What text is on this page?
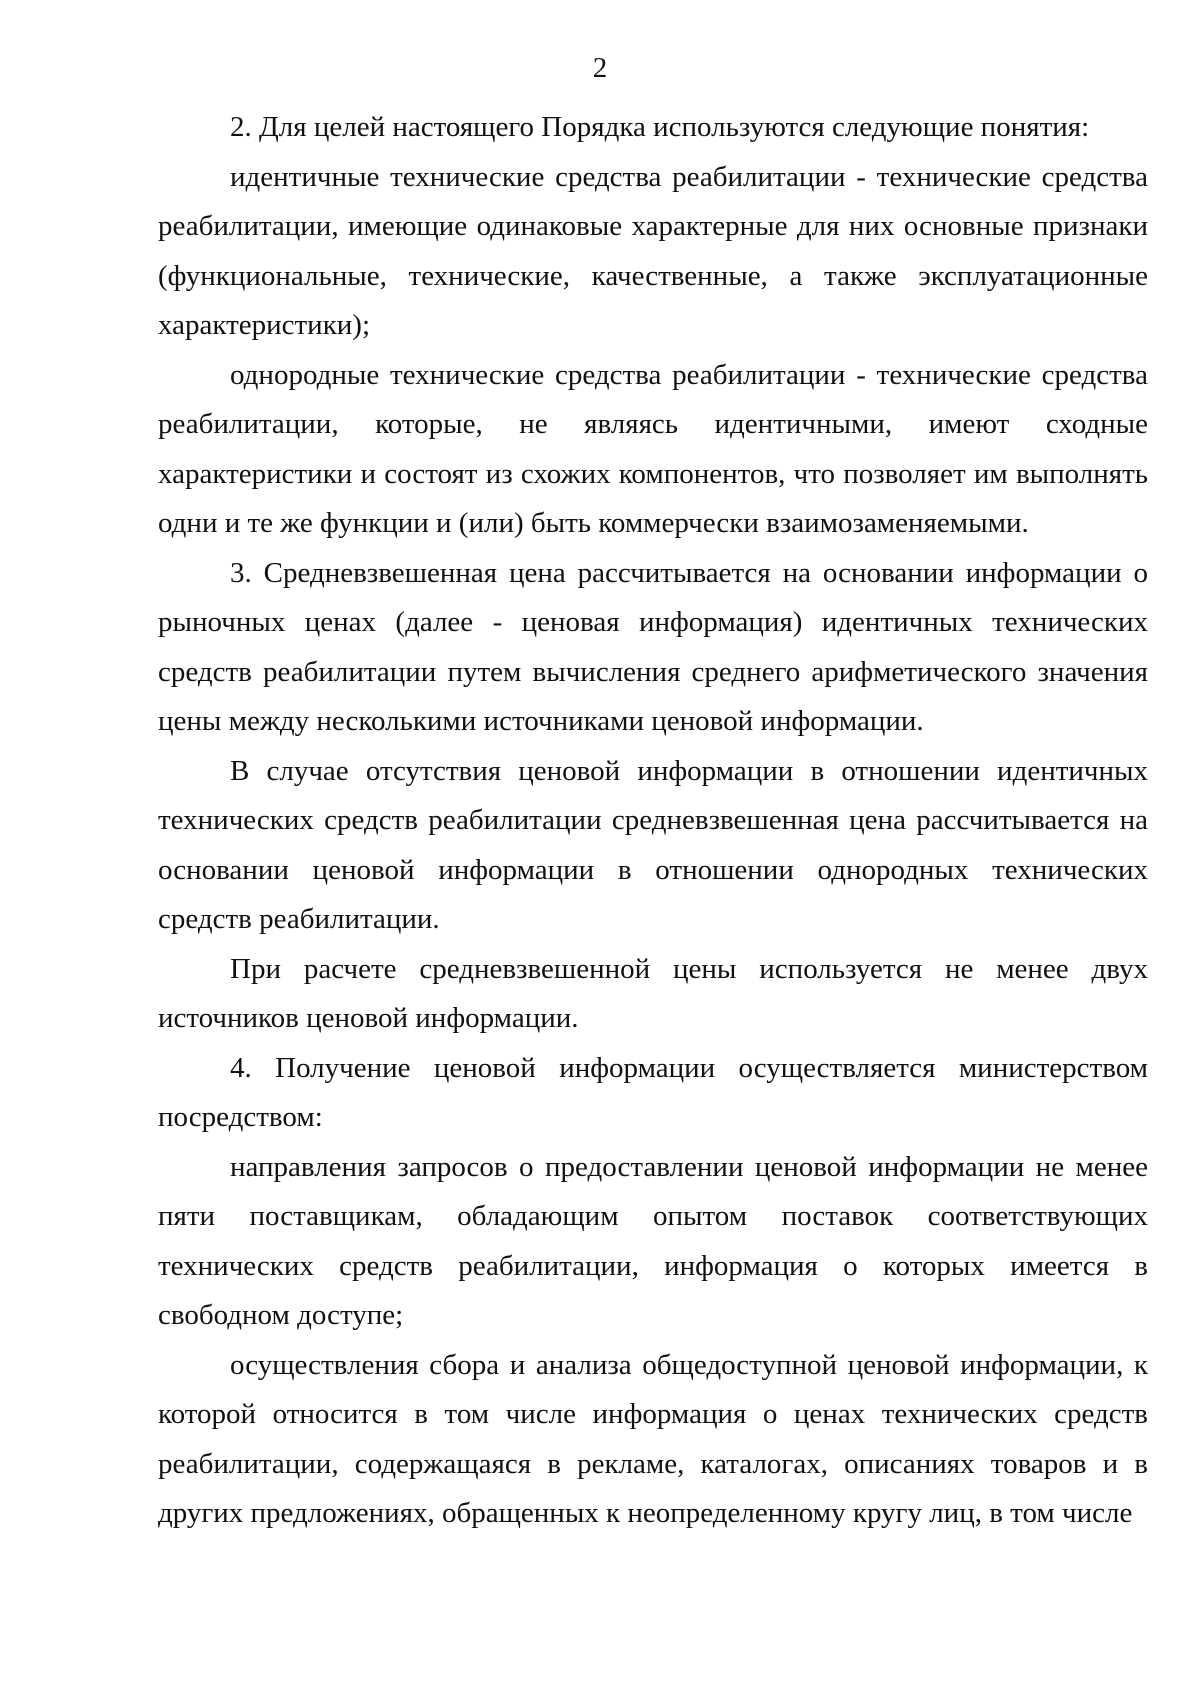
2

2. Для целей настоящего Порядка используются следующие понятия:

идентичные технические средства реабилитации - технические средства реабилитации, имеющие одинаковые характерные для них основные признаки (функциональные, технические, качественные, а также эксплуатационные характеристики);

однородные технические средства реабилитации - технические средства реабилитации, которые, не являясь идентичными, имеют сходные характеристики и состоят из схожих компонентов, что позволяет им выполнять одни и те же функции и (или) быть коммерчески взаимозаменяемыми.

3. Средневзвешенная цена рассчитывается на основании информации о рыночных ценах (далее - ценовая информация) идентичных технических средств реабилитации путем вычисления среднего арифметического значения цены между несколькими источниками ценовой информации.

В случае отсутствия ценовой информации в отношении идентичных технических средств реабилитации средневзвешенная цена рассчитывается на основании ценовой информации в отношении однородных технических средств реабилитации.

При расчете средневзвешенной цены используется не менее двух источников ценовой информации.

4. Получение ценовой информации осуществляется министерством посредством:

направления запросов о предоставлении ценовой информации не менее пяти поставщикам, обладающим опытом поставок соответствующих технических средств реабилитации, информация о которых имеется в свободном доступе;

осуществления сбора и анализа общедоступной ценовой информации, к которой относится в том числе информация о ценах технических средств реабилитации, содержащаяся в рекламе, каталогах, описаниях товаров и в других предложениях, обращенных к неопределенному кругу лиц, в том числе
